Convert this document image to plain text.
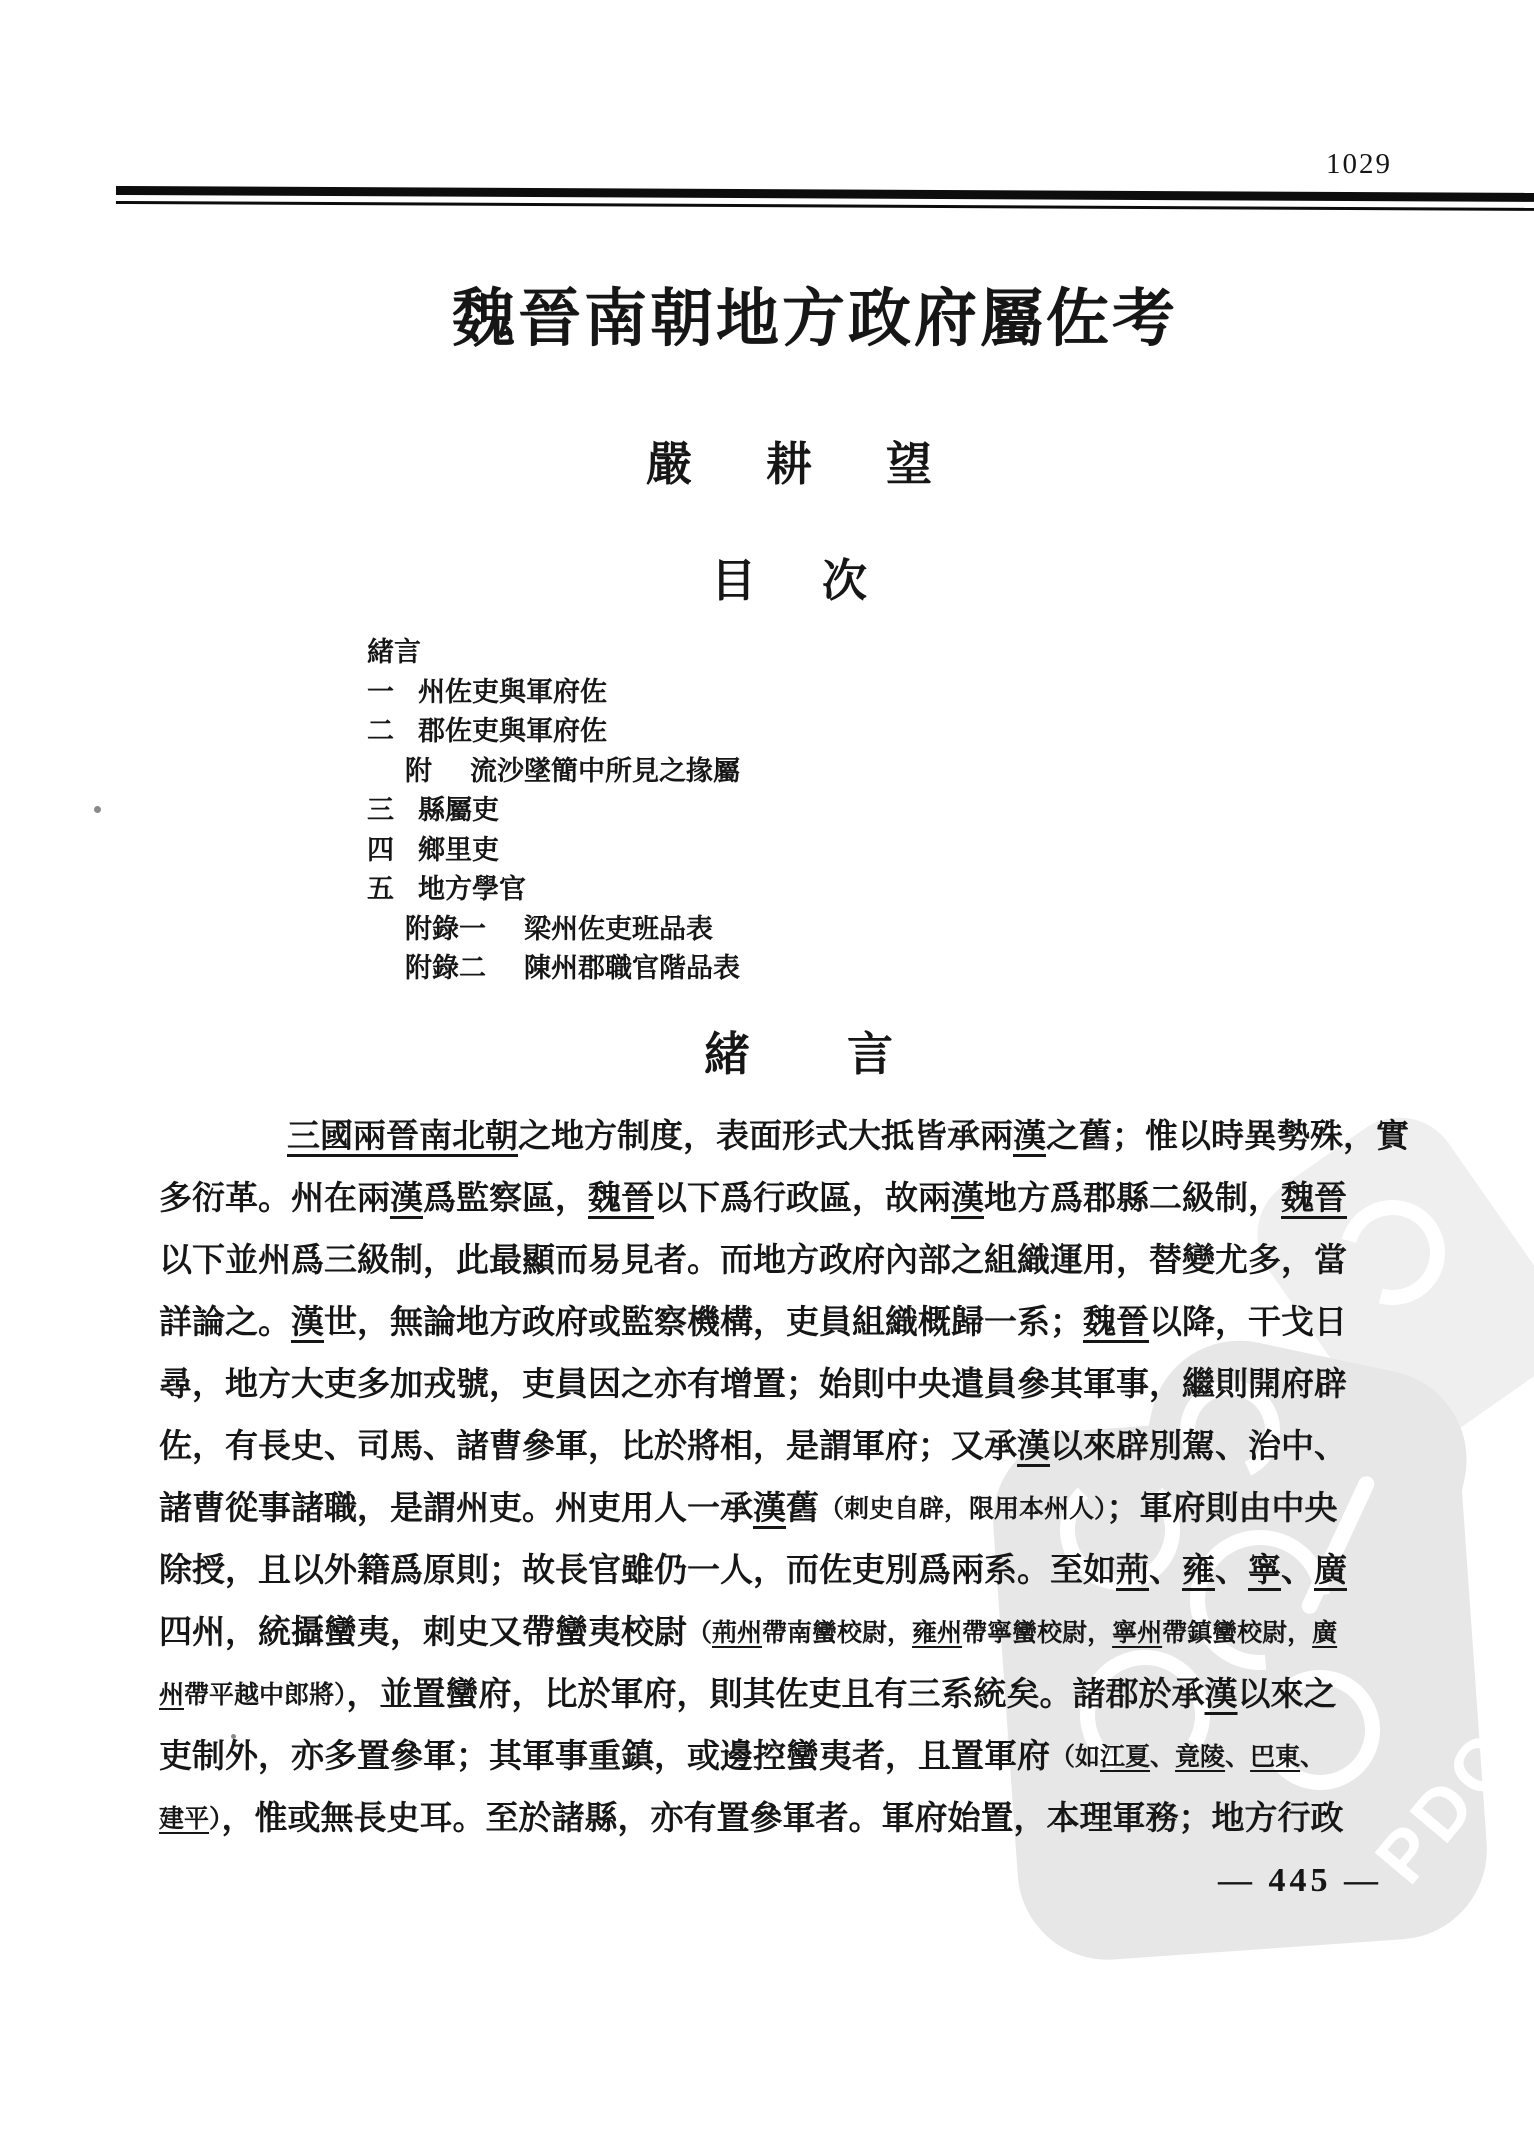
PDG
1029
魏晉南朝地方政府屬佐考
嚴耕望
目次
緒言
一 州佐吏與軍府佐
二 郡佐吏與軍府佐
附 流沙墜簡中所見之掾屬
三 縣屬吏
四 鄉里吏
五 地方學官
附錄一 梁州佐吏班品表
附錄二 陳州郡職官階品表
緒言
三國兩晉南北朝之地方制度，表面形式大抵皆承兩漢之舊；惟以時異勢殊，實
多衍革。州在兩漢爲監察區，魏晉以下爲行政區，故兩漢地方爲郡縣二級制，魏晉
以下並州爲三級制，此最顯而易見者。而地方政府內部之組織運用，替變尤多，當
詳論之。漢世，無論地方政府或監察機構，吏員組織概歸一系；魏晉以降，干戈日
尋，地方大吏多加戎號，吏員因之亦有增置；始則中央遣員參其軍事，繼則開府辟
佐，有長史、司馬、諸曹參軍，比於將相，是謂軍府；又承漢以來辟別駕、治中、
諸曹從事諸職，是謂州吏。州吏用人一承漢舊（刺史自辟，限用本州人）；軍府則由中央
除授，且以外籍爲原則；故長官雖仍一人，而佐吏別爲兩系。至如荊、雍、寧、廣
四州，統攝蠻夷，刺史又帶蠻夷校尉（荊州帶南蠻校尉，雍州帶寧蠻校尉，寧州帶鎮蠻校尉，廣
州帶平越中郎將），並置蠻府，比於軍府，則其佐吏且有三系統矣。諸郡於承漢以來之
吏制外，亦多置參軍；其軍事重鎮，或邊控蠻夷者，且置軍府（如江夏、竟陵、巴東、
建平），惟或無長史耳。至於諸縣，亦有置參軍者。軍府始置，本理軍務；地方行政
— 445 —
